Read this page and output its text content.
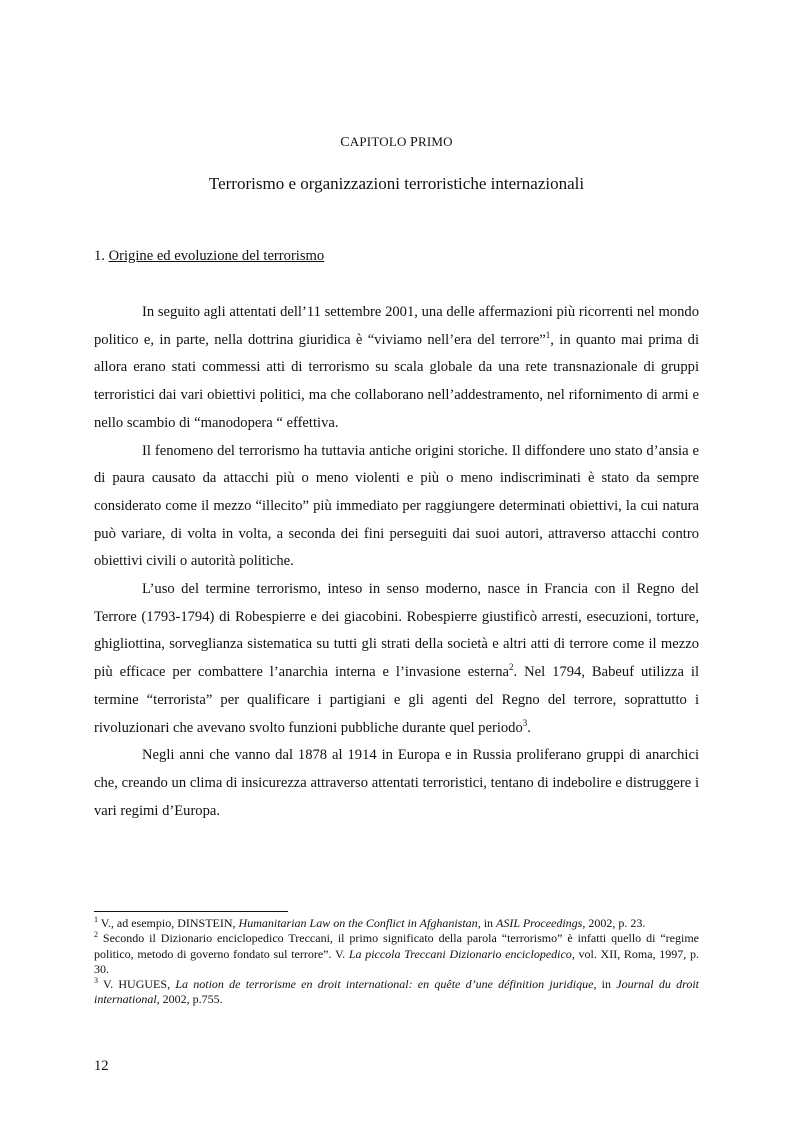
CAPITOLO PRIMO
Terrorismo e organizzazioni terroristiche internazionali
1. Origine ed evoluzione del terrorismo

In seguito agli attentati dell’11 settembre 2001, una delle affermazioni più ricorrenti nel mondo politico e, in parte, nella dottrina giuridica è “viviamo nell’era del terrore”$^1$, in quanto mai prima di allora erano stati commessi atti di terrorismo su scala globale da una rete transnazionale di gruppi terroristici dai vari obiettivi politici, ma che collaborano nell’addestramento, nel rifornimento di armi e nello scambio di “manodopera “ effettiva.

Il fenomeno del terrorismo ha tuttavia antiche origini storiche. Il diffondere uno stato d’ansia e di paura causato da attacchi più o meno violenti e più o meno indiscriminati è stato da sempre considerato come il mezzo “illecito” più immediato per raggiungere determinati obiettivi, la cui natura può variare, di volta in volta, a seconda dei fini perseguiti dai suoi autori, attraverso attacchi contro obiettivi civili o autorità politiche.

L’uso del termine terrorismo, inteso in senso moderno, nasce in Francia con il Regno del Terrore (1793-1794) di Robespierre e dei giacobini. Robespierre giustificò arresti, esecuzioni, torture, ghigliottina, sorveglianza sistematica su tutti gli strati della società e altri atti di terrore come il mezzo più efficace per combattere l’anarchia interna e l’invasione esterna$^2$. Nel 1794, Babeuf utilizza il termine “terrorista” per qualificare i partigiani e gli agenti del Regno del terrore, soprattutto i rivoluzionari che avevano svolto funzioni pubbliche durante quel periodo$^3$.

Negli anni che vanno dal 1878 al 1914 in Europa e in Russia proliferano gruppi di anarchici che, creando un clima di insicurezza attraverso attentati terroristici, tentano di indebolire e distruggere i vari regimi d’Europa.

$^1$ V., ad esempio, DINSTEIN, Humanitarian Law on the Conflict in Afghanistan, in ASIL Proceedings, 2002, p. 23.

$^2$ Secondo il Dizionario enciclopedico Treccani, il primo significato della parola “terrorismo” è infatti quello di “regime politico, metodo di governo fondato sul terrore”. V. La piccola Treccani Dizionario enciclopedico, vol. XII, Roma, 1997, p. 30.

$^3$ V. HUGUES, La notion de terrorisme en droit international: en quête d’une définition juridique, in Journal du droit international, 2002, p.755.

12
